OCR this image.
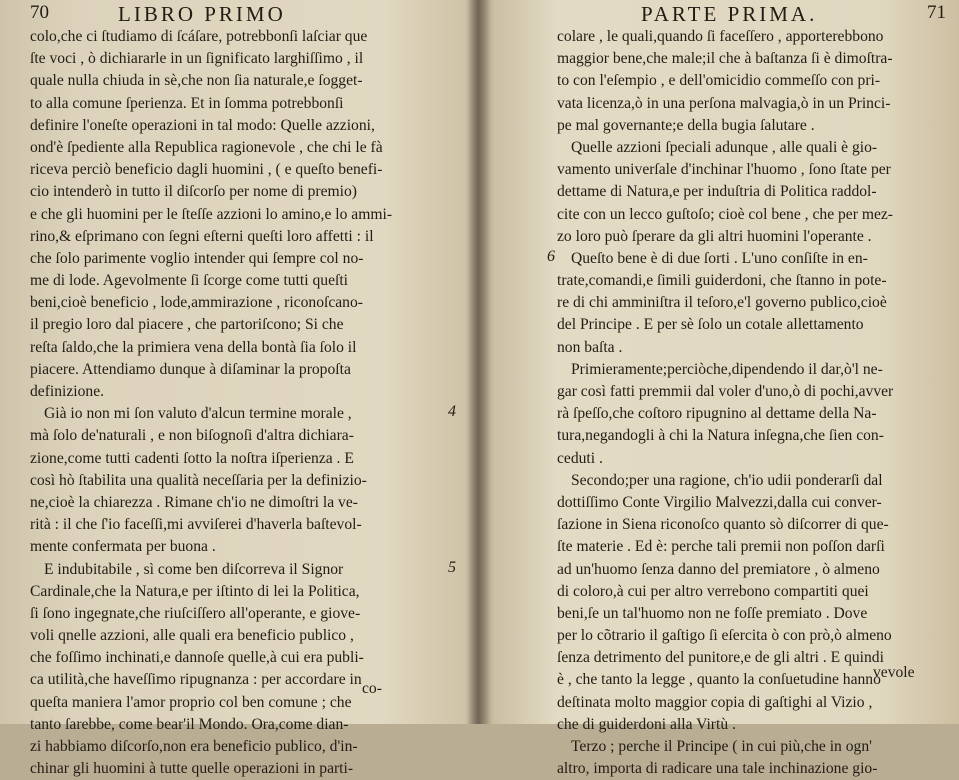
70	LIBRO PRIMO
colo,che ci ſtudiamo di ſcáſare, potrebbonſi laſciar que
ſte voci , ò dichiararle in un ſignificato larghiſſimo , il
quale nulla chiuda in sè,che non ſia naturale,e ſogget-
to alla comune ſperienza. Et in ſomma potrebbonſi
definire l'oneſte operazioni in tal modo: Quelle azzioni,
ond'è ſpediente alla Republica ragionevole , che chi le fà
riceva perciò beneficio dagli huomini , ( e queſto benefi-
cio intenderò in tutto il diſcorſo per nome di premio)
e che gli huomini per le ſteſſe azzioni lo amino,e lo ammi-
rino,& eſprimano con ſegni eſterni queſti loro affetti : il
che ſolo parimente voglio intender qui ſempre col no-
me di lode. Agevolmente ſi ſcorge come tutti queſti
beni,cioè beneficio , lode,ammirazione , riconoſcano-
il pregio loro dal piacere , che partoriſcono; Si che
reſta ſaldo,che la primiera vena della bontà ſia ſolo il
piacere. Attendiamo dunque à diſaminar la propoſta
definizione.
Già io non mi ſon valuto d'alcun termine morale ,
mà ſolo de'naturali , e non biſognoſi d'altra dichiara-
zione,come tutti cadenti ſotto la noſtra iſperienza . E
così hò ſtabilita una qualità neceſſaria per la definizio-
ne,cioè la chiarezza . Rimane ch'io ne dimoſtri la ve-
rità : il che ſ'io faceſſi,mi avviſerei d'haverla baſtevol-
mente confermata per buona .
E indubitabile , sì come ben diſcorreva il Signor
Cardinale,che la Natura,e per iſtinto di lei la Politica,
ſi ſono ingegnate,che riuſciſſero all'operante, e giove-
voli qnelle azzioni, alle quali era beneficio publico ,
che foſſimo inchinati,e dannoſe quelle,à cui era publi-
ca utilità,che haveſſimo ripugnanza : per accordare in
queſta maniera l'amor proprio col ben comune ; che
tanto ſarebbe, come bear'il Mondo. Ora,come dian-
zi habbiamo diſcorſo,non era beneficio publico, d'in-
chinar gli huomini à tutte quelle operazioni in parti-
4
5
co-
PARTE PRIMA.	71
colare , le quali,quando ſi faceſſero , apporterebbono
maggior bene,che male;il che à baſtanza ſi è dimoſtra-
to con l'eſempio , e dell'omicidio commeſſo con pri-
vata licenza,ò in una perſona malvagia,ò in un Princi-
pe mal governante;e della bugia ſalutare .
Quelle azzioni ſpeciali adunque , alle quali è gio-
vamento univerſale d'inchinar l'huomo , ſono ſtate per
dettame di Natura,e per induſtria di Politica raddol-
cite con un lecco guſtoſo; cioè col bene , che per mez-
zo loro può ſperare da gli altri huomini l'operante .
Queſto bene è di due ſorti . L'uno conſiſte in en-
trate,comandi,e ſimili guiderdoni, che ſtanno in pote-
re di chi amminiſtra il teſoro,e'l governo publico,cioè
del Principe . E per sè ſolo un cotale allettamento
non baſta .
Primieramente;perciòche,dipendendo il dar,ò'l ne-
gar così fatti premmii dal voler d'uno,ò di pochi,avver
rà ſpeſſo,che coſtoro ripugnino al dettame della Na-
tura,negandogli à chi la Natura inſegna,che ſien con-
ceduti .
Secondo;per una ragione, ch'io udii ponderarſi dal
dottiſſimo Conte Virgilio Malvezzi,dalla cui conver-
ſazione in Siena riconoſco quanto sò diſcorrer di que-
ſte materie . Ed è: perche tali premii non poſſon darſi
ad un'huomo ſenza danno del premiatore , ò almeno
di coloro,à cui per altro verrebono compartiti quei
beni,ſe un tal'huomo non ne foſſe premiato . Dove
per lo cõtrario il gaſtigo ſi eſercita ò con prò,ò almeno
ſenza detrimento del punitore,e de gli altri . E quindi
è , che tanto la legge , quanto la conſuetudine hanno
deſtinata molto maggior copia di gaſtighi al Vizio ,
che di guiderdoni alla Virtù .
Terzo ; perche il Principe ( in cui più,che in ogn'
altro, importa di radicare una tale inchinazione gio-
6
vevole
